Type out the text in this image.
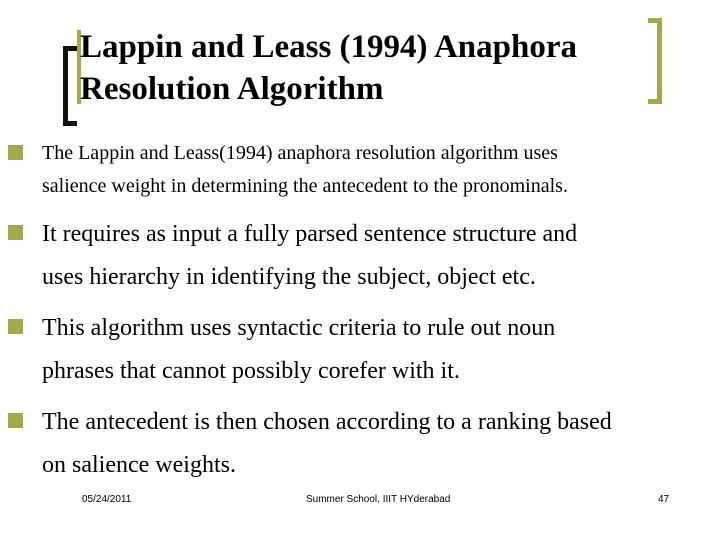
Lappin and Leass (1994) Anaphora
Resolution Algorithm
The Lappin and Leass(1994) anaphora resolution algorithm uses
salience weight in determining the antecedent to the pronominals.
It requires as input a fully parsed sentence structure and
uses hierarchy in identifying the subject, object etc.
This algorithm uses syntactic criteria to rule out noun
phrases that cannot possibly corefer with it.
The antecedent is then chosen according to a ranking based
on salience weights.
05/24/2011	Summer School, IIIT HYderabad	47
